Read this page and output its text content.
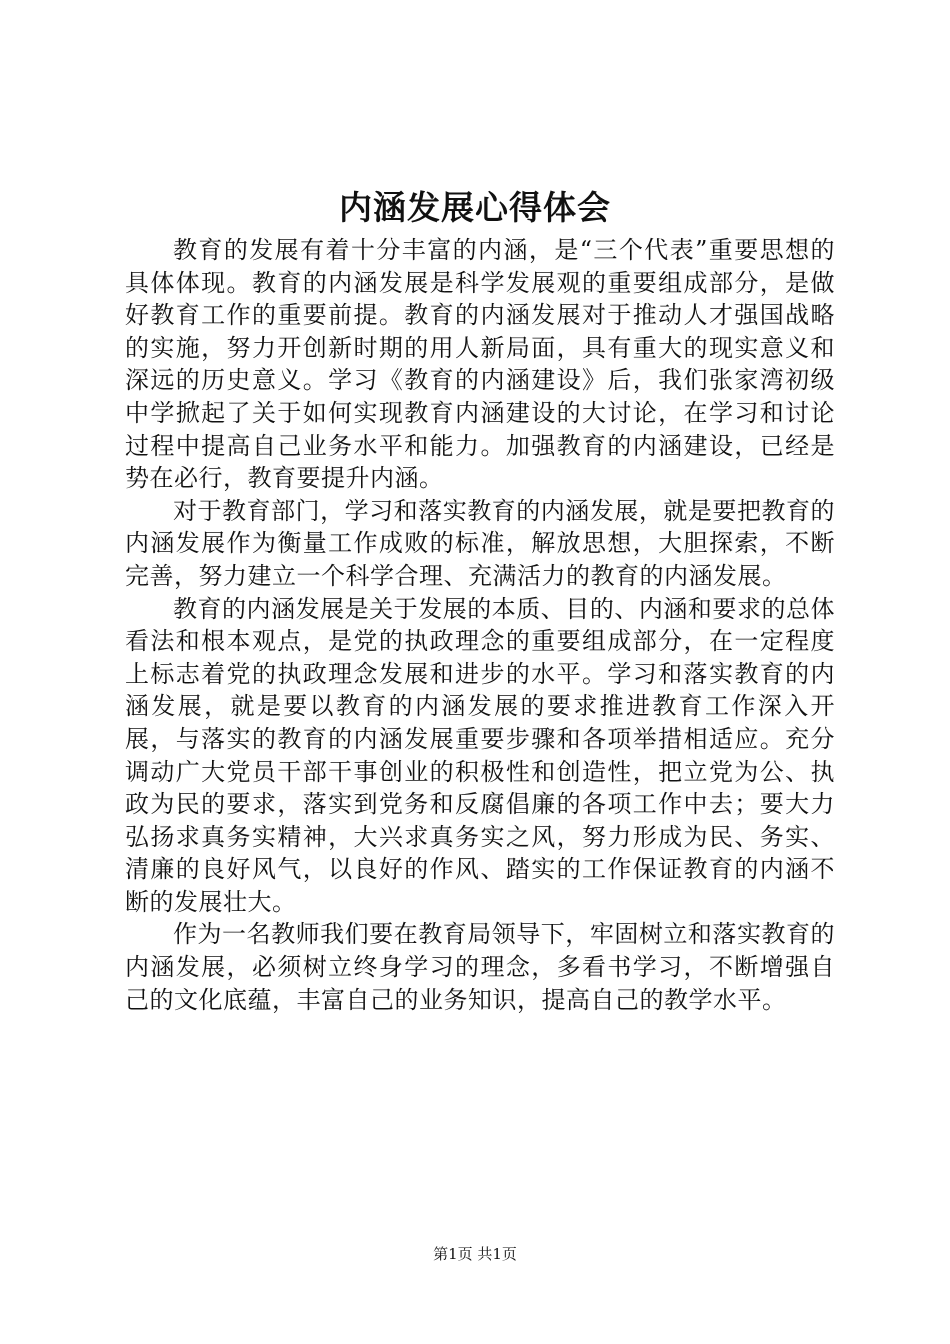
内涵发展心得体会

教育的发展有着十分丰富的内涵，是“三个代表”重要思想的具体体现。教育的内涵发展是科学发展观的重要组成部分，是做好教育工作的重要前提。教育的内涵发展对于推动人才强国战略的实施，努力开创新时期的用人新局面，具有重大的现实意义和深远的历史意义。学习《教育的内涵建设》后，我们张家湾初级中学掀起了关于如何实现教育内涵建设的大讨论，在学习和讨论过程中提高自己业务水平和能力。加强教育的内涵建设，已经是势在必行，教育要提升内涵。

对于教育部门，学习和落实教育的内涵发展，就是要把教育的内涵发展作为衡量工作成败的标准，解放思想，大胆探索，不断完善，努力建立一个科学合理、充满活力的教育的内涵发展。

教育的内涵发展是关于发展的本质、目的、内涵和要求的总体看法和根本观点，是党的执政理念的重要组成部分，在一定程度上标志着党的执政理念发展和进步的水平。学习和落实教育的内涵发展，就是要以教育的内涵发展的要求推进教育工作深入开展，与落实的教育的内涵发展重要步骤和各项举措相适应。充分调动广大党员干部干事创业的积极性和创造性，把立党为公、执政为民的要求，落实到党务和反腐倡廉的各项工作中去；要大力弘扬求真务实精神，大兴求真务实之风，努力形成为民、务实、清廉的良好风气，以良好的作风、踏实的工作保证教育的内涵不断的发展壮大。

作为一名教师我们要在教育局领导下，牢固树立和落实教育的内涵发展，必须树立终身学习的理念，多看书学习，不断增强自己的文化底蕴，丰富自己的业务知识，提高自己的教学水平。

第1页 共1页
